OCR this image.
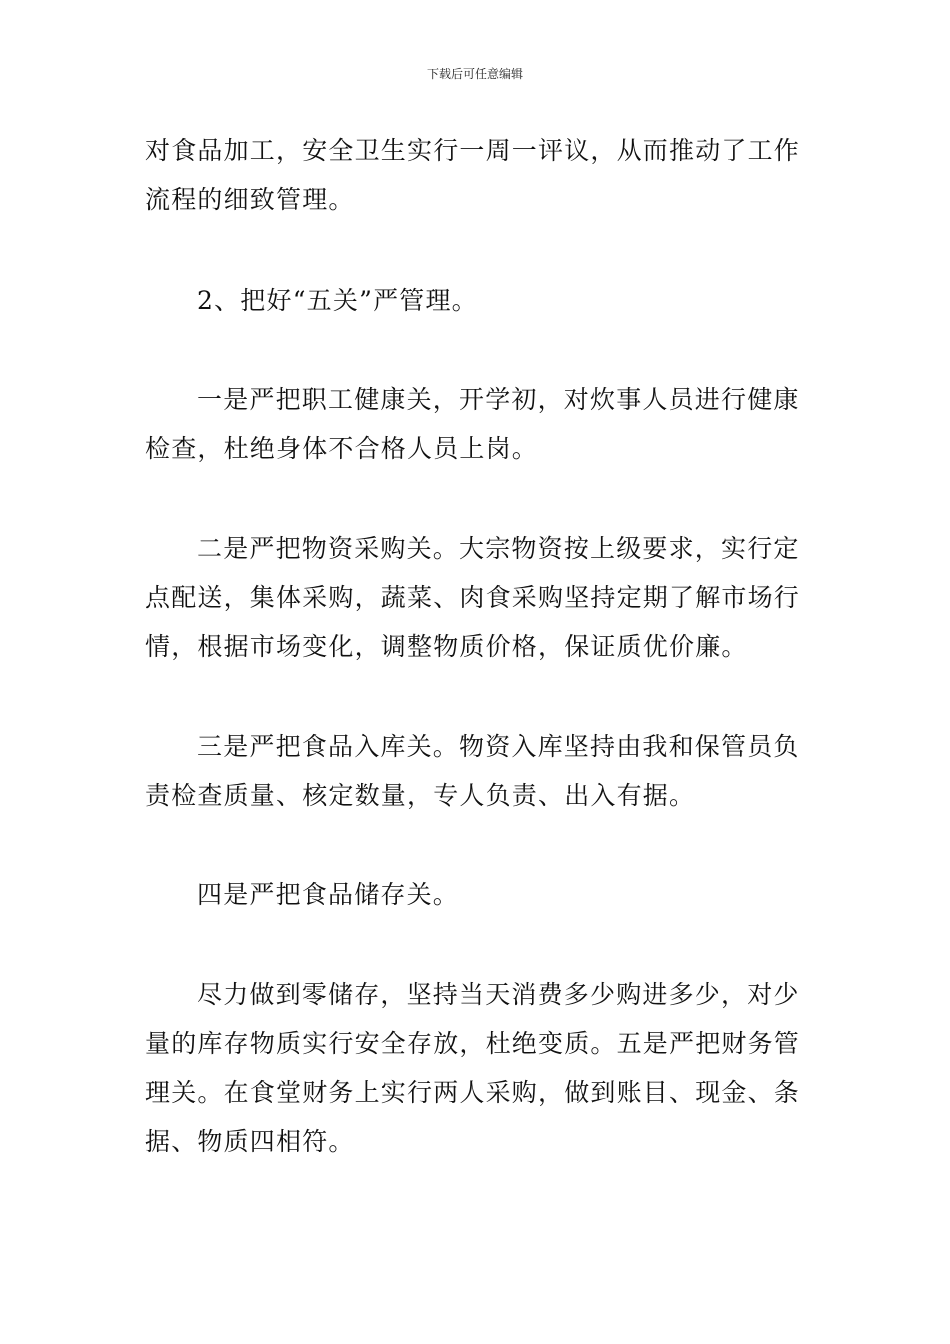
下载后可任意编辑
对食品加工，安全卫生实行一周一评议，从而推动了工作
流程的细致管理。
2、把好“五关”严管理。
一是严把职工健康关，开学初，对炊事人员进行健康
检查，杜绝身体不合格人员上岗。
二是严把物资采购关。大宗物资按上级要求，实行定
点配送，集体采购，蔬菜、肉食采购坚持定期了解市场行
情，根据市场变化，调整物质价格，保证质优价廉。
三是严把食品入库关。物资入库坚持由我和保管员负
责检查质量、核定数量，专人负责、出入有据。
四是严把食品储存关。
尽力做到零储存，坚持当天消费多少购进多少，对少
量的库存物质实行安全存放，杜绝变质。五是严把财务管
理关。在食堂财务上实行两人采购，做到账目、现金、条
据、物质四相符。
